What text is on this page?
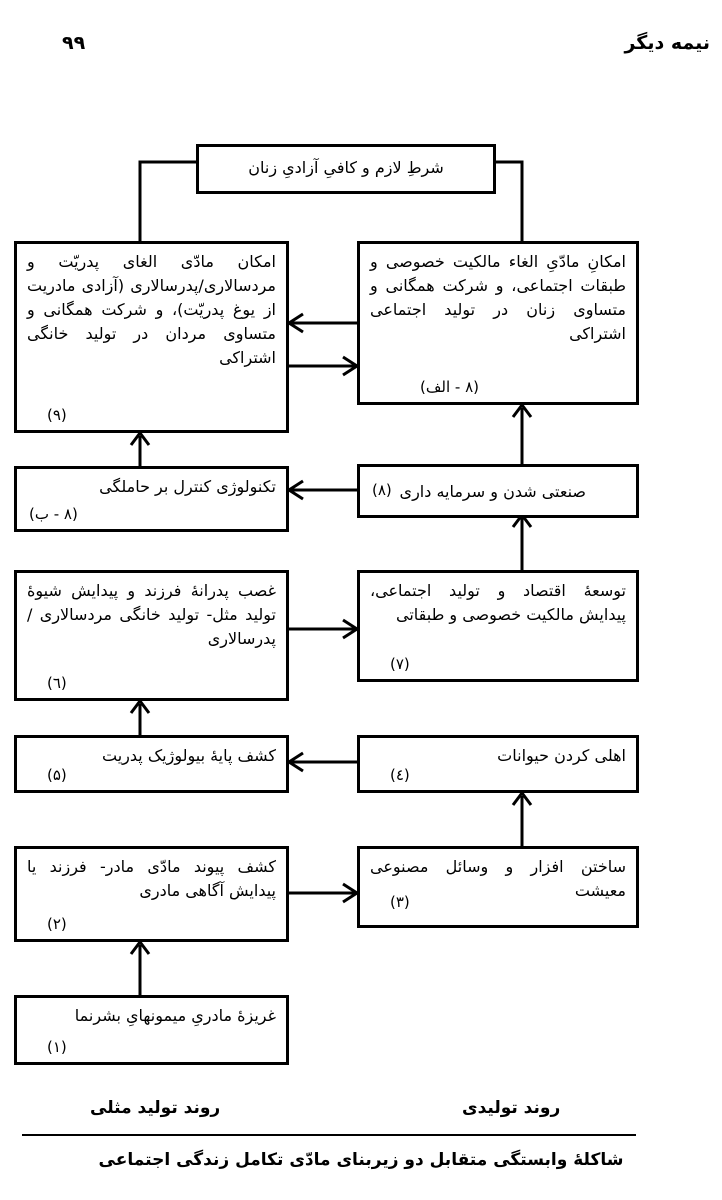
نیمه دیگر
۹۹
شرطِ لازم و کافیِ آزادیِ زنان
امکان مادّی الغای پدریّت و مردسالاری/پدرسالاری (آزادی مادریت از یوغ پدریّت)، و شرکت همگانی و متساوی مردان در تولید خانگی اشتراکی
(۹)
امکانِ مادّیِ الغاء مالکیت خصوصی و طبقات اجتماعی، و شرکت همگانی و متساوی زنان در تولید اجتماعی اشتراکی
(۸ - الف)
تکنولوژی کنترل بر حاملگی
(۸ - ب)
صنعتی شدن و سرمایه داری
(۸)
غصب پدرانهٔ فرزند و پیدایش شیوهٔ تولید مثل- تولید خانگی مردسالاری / پدرسالاری
(٦)
توسعهٔ اقتصاد و تولید اجتماعی، پیدایش مالکیت خصوصی و طبقاتی
(۷)
کشف پایهٔ بیولوژیک پدریت
(۵)
اهلی کردن حیوانات
(٤)
کشف پیوند مادّی مادر- فرزند یا پیدایش آگاهی مادری
(۲)
ساختن افزار و وسائل مصنوعی معیشت
(۳)
غریزهٔ مادریِ میمونهایِ بشرنما
(۱)
روند تولید مثلی	روند تولیدی
شاکلهٔ وابستگی متقابل دو زیربنای مادّی تکامل زندگی اجتماعی
